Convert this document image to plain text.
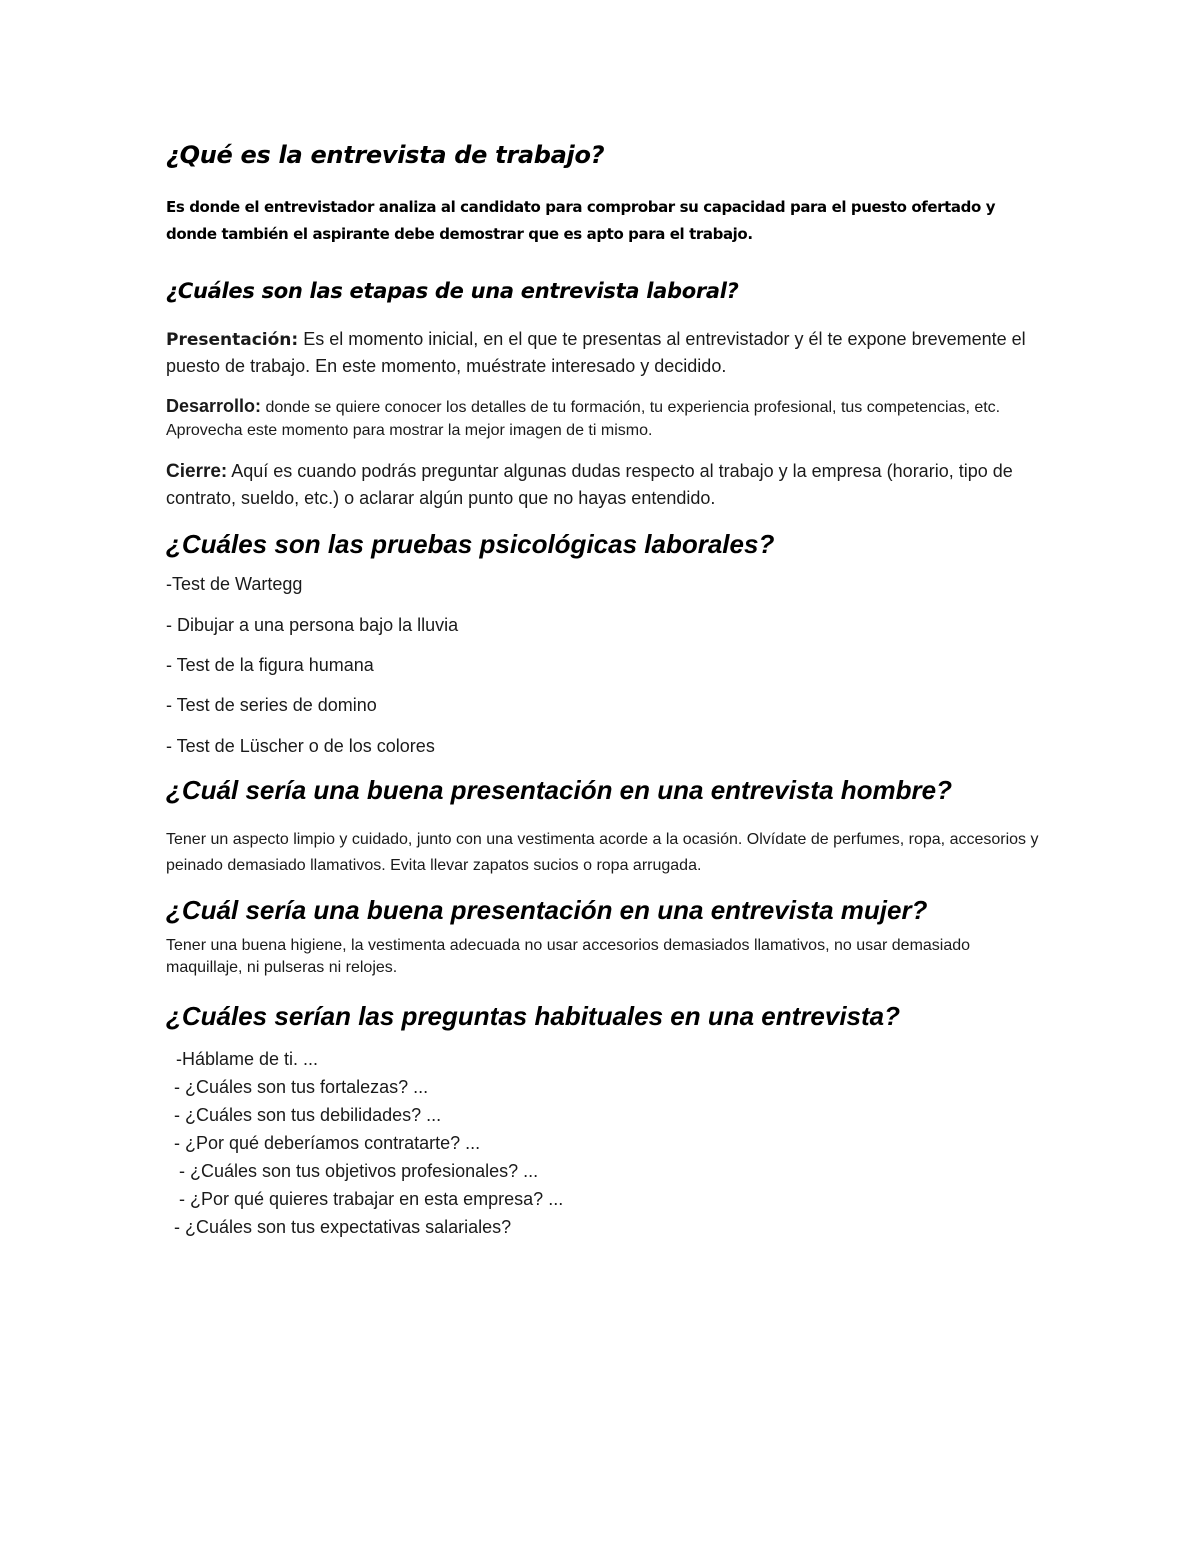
¿Qué es la entrevista de trabajo?

Es donde el entrevistador analiza al candidato para comprobar su capacidad para el puesto ofertado y donde también el aspirante debe demostrar que es apto para el trabajo.

¿Cuáles son las etapas de una entrevista laboral?

Presentación: Es el momento inicial, en el que te presentas al entrevistador y él te expone brevemente el puesto de trabajo. En este momento, muéstrate interesado y decidido.

Desarrollo: donde se quiere conocer los detalles de tu formación, tu experiencia profesional, tus competencias, etc. Aprovecha este momento para mostrar la mejor imagen de ti mismo.

Cierre: Aquí es cuando podrás preguntar algunas dudas respecto al trabajo y la empresa (horario, tipo de contrato, sueldo, etc.) o aclarar algún punto que no hayas entendido.

¿Cuáles son las pruebas psicológicas laborales?

-Test de Wartegg

- Dibujar a una persona bajo la lluvia

- Test de la figura humana

- Test de series de domino

- Test de Lüscher o de los colores

¿Cuál sería una buena presentación en una entrevista hombre?

Tener un aspecto limpio y cuidado, junto con una vestimenta acorde a la ocasión. Olvídate de perfumes, ropa, accesorios y peinado demasiado llamativos. Evita llevar zapatos sucios o ropa arrugada.

¿Cuál sería una buena presentación en una entrevista mujer?

Tener una buena higiene, la vestimenta adecuada no usar accesorios demasiados llamativos, no usar demasiado maquillaje, ni pulseras ni relojes.

¿Cuáles serían las preguntas habituales en una entrevista?

-Háblame de ti. ...

- ¿Cuáles son tus fortalezas? ...

- ¿Cuáles son tus debilidades? ...

- ¿Por qué deberíamos contratarte? ...

- ¿Cuáles son tus objetivos profesionales? ...

- ¿Por qué quieres trabajar en esta empresa? ...

- ¿Cuáles son tus expectativas salariales?
